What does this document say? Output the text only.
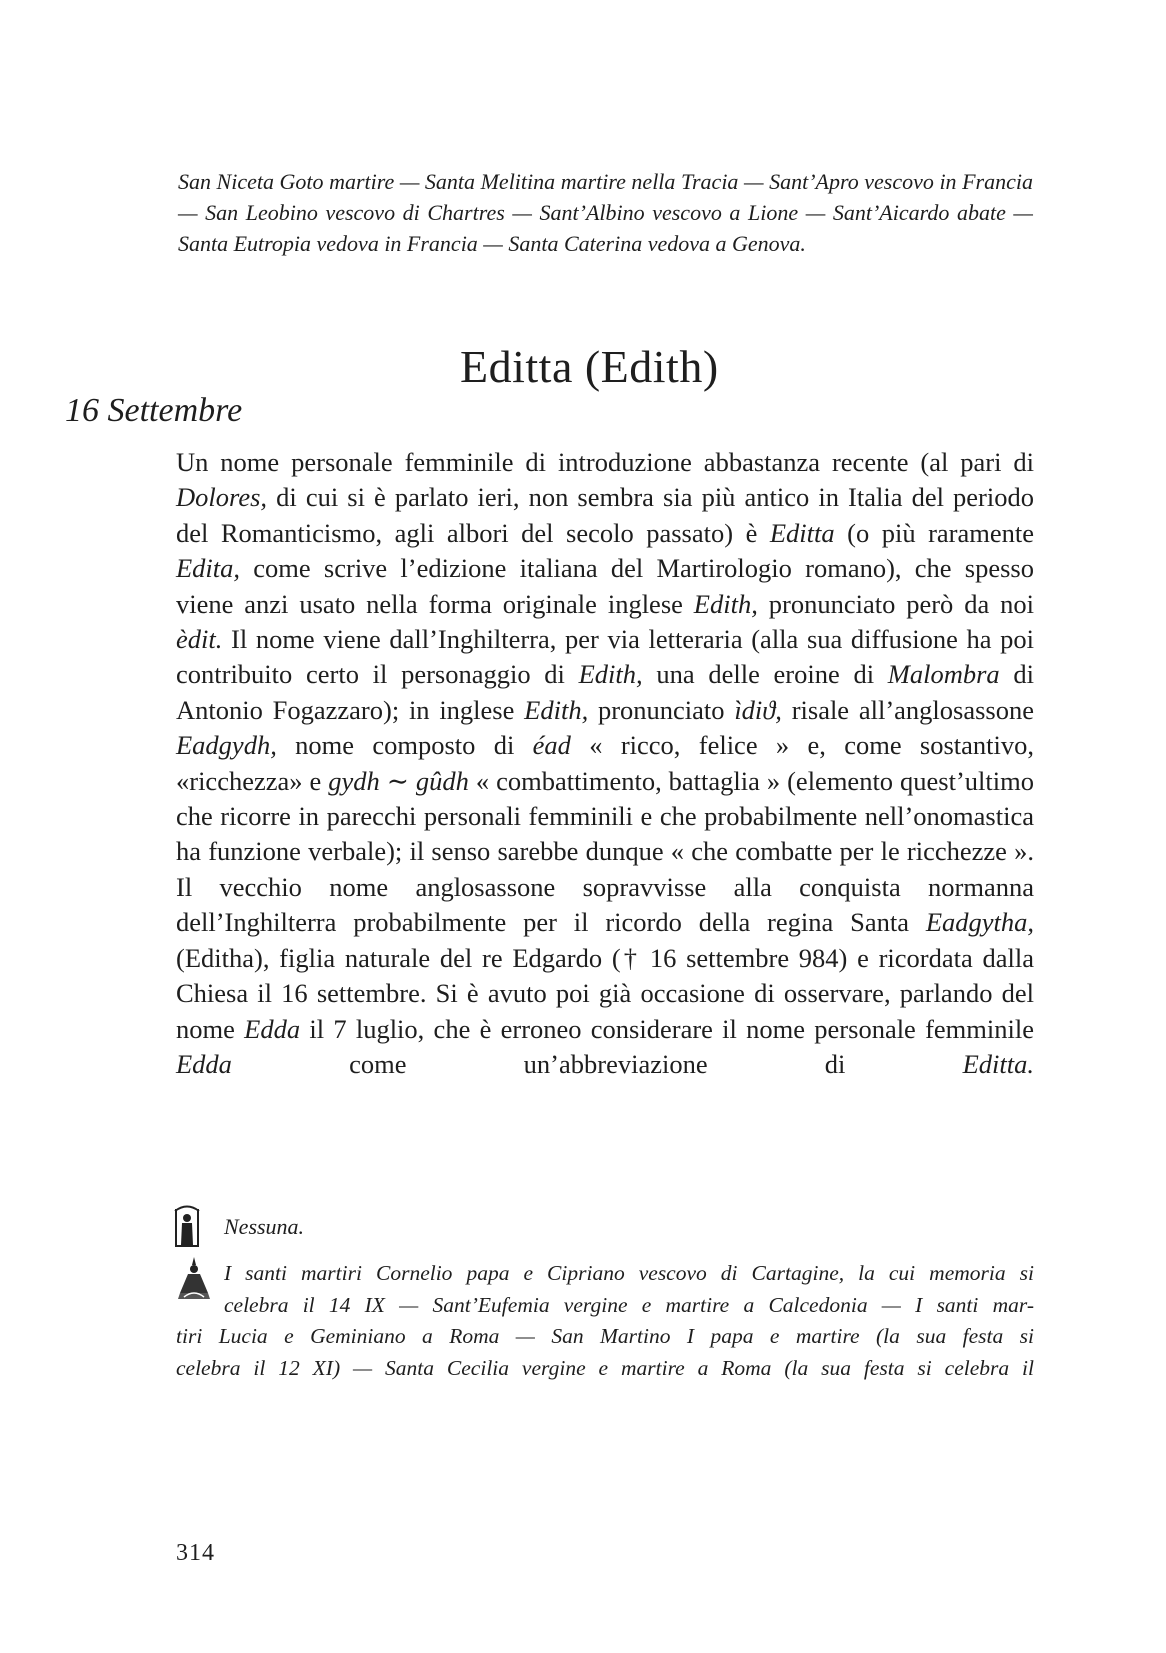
San Niceta Goto martire — Santa Melitina martire nella Tracia — Sant’Apro vescovo in Francia — San Leobino vescovo di Chartres — Sant’Albino vescovo a Lione — Sant’Aicardo abate — Santa Eutropia vedova in Francia — Santa Caterina vedova a Genova.
Editta (Edith)
16 Settembre
Un nome personale femminile di introduzione abbastanza recente (al pari di Dolores, di cui si è parlato ieri, non sembra sia più antico in Italia del periodo del Romanticismo, agli albori del secolo passato) è Editta (o più raramente Edita, come scrive l’edizione italiana del Martirologio romano), che spesso viene anzi usato nella forma originale inglese Edith, pronunciato però da noi èdit. Il nome viene dall’Inghilterra, per via letteraria (alla sua diffusione ha poi contribuito certo il personaggio di Edith, una delle eroine di Malombra di Antonio Fogazzaro); in inglese Edith, pronunciato ìdiϑ, risale all’anglosassone Eadgydh, nome composto di éad « ricco, felice » e, come sostantivo, «ricchezza» e gydh ∼ gûdh « combattimento, battaglia » (elemento quest’ultimo che ricorre in parecchi personali femminili e che probabilmente nell’onomastica ha funzione verbale); il senso sarebbe dunque « che combatte per le ricchezze ». Il vecchio nome anglosassone sopravvisse alla conquista normanna dell’Inghilterra probabilmente per il ricordo della regina Santa Eadgytha, (Editha), figlia naturale del re Edgardo († 16 settembre 984) e ricordata dalla Chiesa il 16 settembre. Si è avuto poi già occasione di osservare, parlando del nome Edda il 7 luglio, che è erroneo considerare il nome personale femminile Edda come un’abbreviazione di Editta.
Nessuna.
I santi martiri Cornelio papa e Cipriano vescovo di Cartagine, la cui memoria si
celebra il 14 IX — Sant’Eufemia vergine e martire a Calcedonia — I santi mar-
tiri Lucia e Geminiano a Roma — San Martino I papa e martire (la sua festa si
celebra il 12 XI) — Santa Cecilia vergine e martire a Roma (la sua festa si celebra il
314
